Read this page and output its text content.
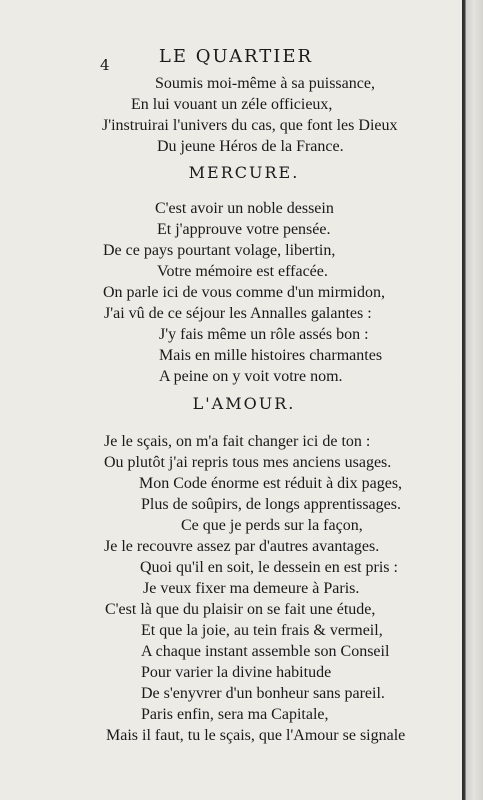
4	LE QUARTIER
Soumis moi-même à sa puissance,
En lui vouant un zéle officieux,
J'instruirai l'univers du cas, que font les Dieux
Du jeune Héros de la France.
MERCURE.
C'est avoir un noble dessein
Et j'approuve votre pensée.
De ce pays pourtant volage, libertin,
Votre mémoire est effacée.
On parle ici de vous comme d'un mirmidon,
J'ai vû de ce séjour les Annalles galantes :
J'y fais même un rôle assés bon :
Mais en mille histoires charmantes
A peine on y voit votre nom.
L'AMOUR.
Je le sçais, on m'a fait changer ici de ton :
Ou plutôt j'ai repris tous mes anciens usages.
Mon Code énorme est réduit à dix pages,
Plus de soûpirs, de longs apprentissages.
Ce que je perds sur la façon,
Je le recouvre assez par d'autres avantages.
Quoi qu'il en soit, le dessein en est pris :
Je veux fixer ma demeure à Paris.
C'est là que du plaisir on se fait une étude,
Et que la joie, au tein frais & vermeil,
A chaque instant assemble son Conseil
Pour varier la divine habitude
De s'enyvrer d'un bonheur sans pareil.
Paris enfin, sera ma Capitale,
Mais il faut, tu le sçais, que l'Amour se signale
